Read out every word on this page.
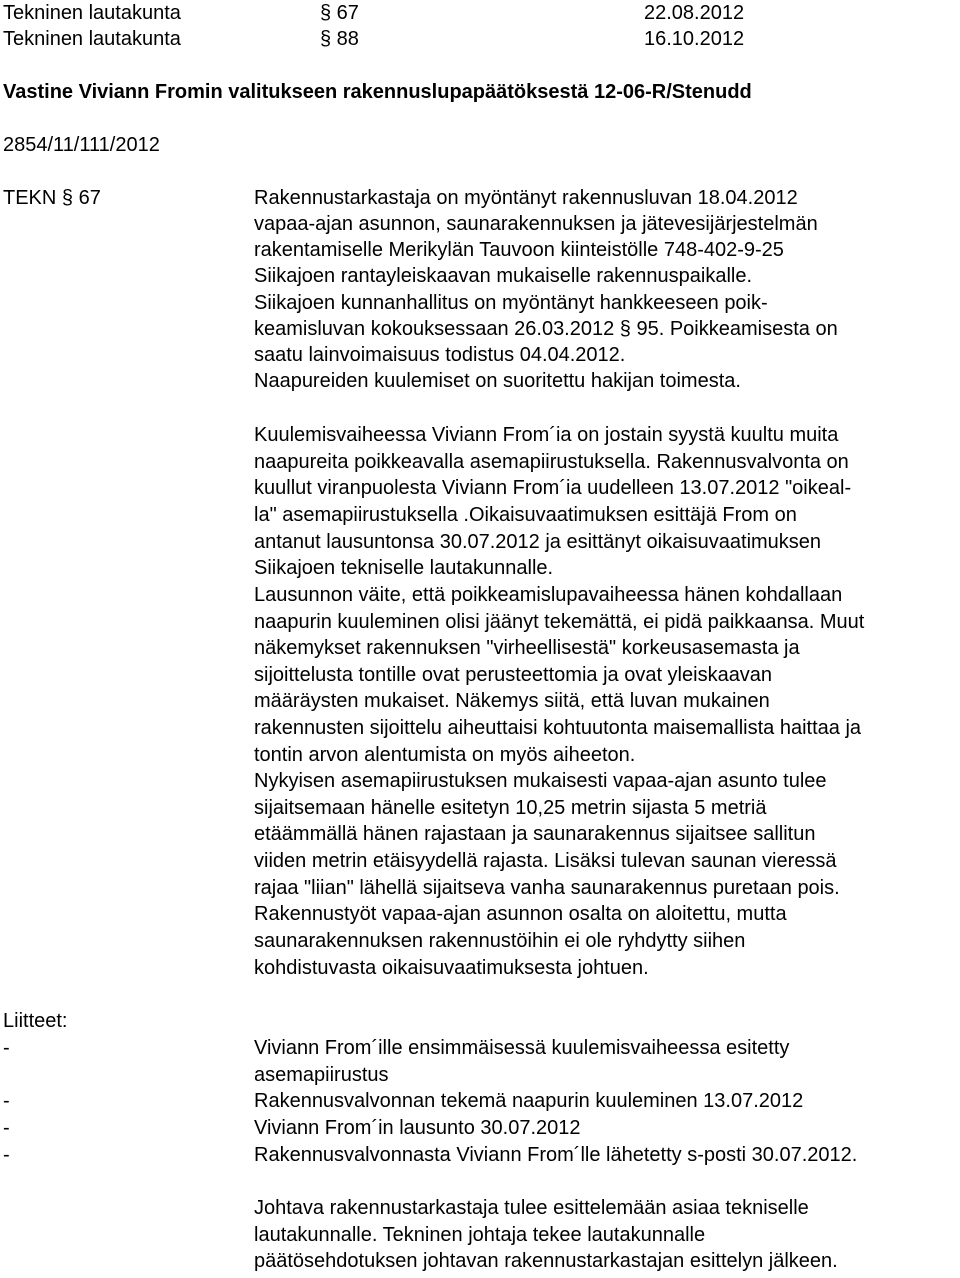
Tekninen lautakunta	§ 67	22.08.2012
Tekninen lautakunta	§ 88	16.10.2012
Vastine Viviann Fromin valitukseen rakennuslupapäätöksestä 12-06-R/Stenudd
2854/11/111/2012
TEKN § 67	Rakennustarkastaja on myöntänyt rakennusluvan 18.04.2012
vapaa-ajan asunnon, saunarakennuksen ja jätevesijärjestelmän
rakentamiselle Merikylän Tauvoon kiinteistölle 748-402-9-25
Siikajoen rantayleiskaavan mukaiselle rakennuspaikalle.
Siikajoen kunnanhallitus on myöntänyt hankkeeseen poik-
keamisluvan kokouksessaan 26.03.2012 § 95. Poikkeamisesta on
saatu lainvoimaisuus todistus 04.04.2012.
Naapureiden kuulemiset on suoritettu hakijan toimesta.
Kuulemisvaiheessa Viviann From´ia on jostain syystä kuultu muita
naapureita poikkeavalla asemapiirustuksella. Rakennusvalvonta on
kuullut viranpuolesta Viviann From´ia uudelleen 13.07.2012 "oikeal-
la" asemapiirustuksella .Oikaisuvaatimuksen esittäjä From on
antanut lausuntonsa 30.07.2012 ja esittänyt oikaisuvaatimuksen
Siikajoen tekniselle lautakunnalle.
Lausunnon väite, että poikkeamislupavaiheessa hänen kohdallaan
naapurin kuuleminen olisi jäänyt tekemättä, ei pidä paikkaansa. Muut
näkemykset rakennuksen "virheellisestä" korkeusasemasta ja
sijoittelusta tontille ovat perusteettomia ja ovat yleiskaavan
määräysten mukaiset. Näkemys siitä, että luvan mukainen
rakennusten sijoittelu aiheuttaisi kohtuutonta maisemallista haittaa ja
tontin arvon alentumista on myös aiheeton.
Nykyisen asemapiirustuksen mukaisesti vapaa-ajan asunto tulee
sijaitsemaan hänelle esitetyn 10,25 metrin sijasta 5 metriä
etäämmällä hänen rajastaan ja saunarakennus sijaitsee sallitun
viiden metrin etäisyydellä rajasta. Lisäksi tulevan saunan vieressä
rajaa "liian" lähellä sijaitseva vanha saunarakennus puretaan pois.
Rakennustyöt vapaa-ajan asunnon osalta on aloitettu, mutta
saunarakennuksen rakennustöihin ei ole ryhdytty siihen
kohdistuvasta oikaisuvaatimuksesta johtuen.
Liitteet:
-	Viviann From´ille ensimmäisessä kuulemisvaiheessa esitetty
asemapiirustus
-	Rakennusvalvonnan tekemä naapurin kuuleminen 13.07.2012
-	Viviann From´in lausunto 30.07.2012
-	Rakennusvalvonnasta Viviann From´lle lähetetty s-posti 30.07.2012.
Johtava rakennustarkastaja tulee esittelemään asiaa tekniselle
lautakunnalle. Tekninen johtaja tekee lautakunnalle
päätösehdotuksen johtavan rakennustarkastajan esittelyn jälkeen.
